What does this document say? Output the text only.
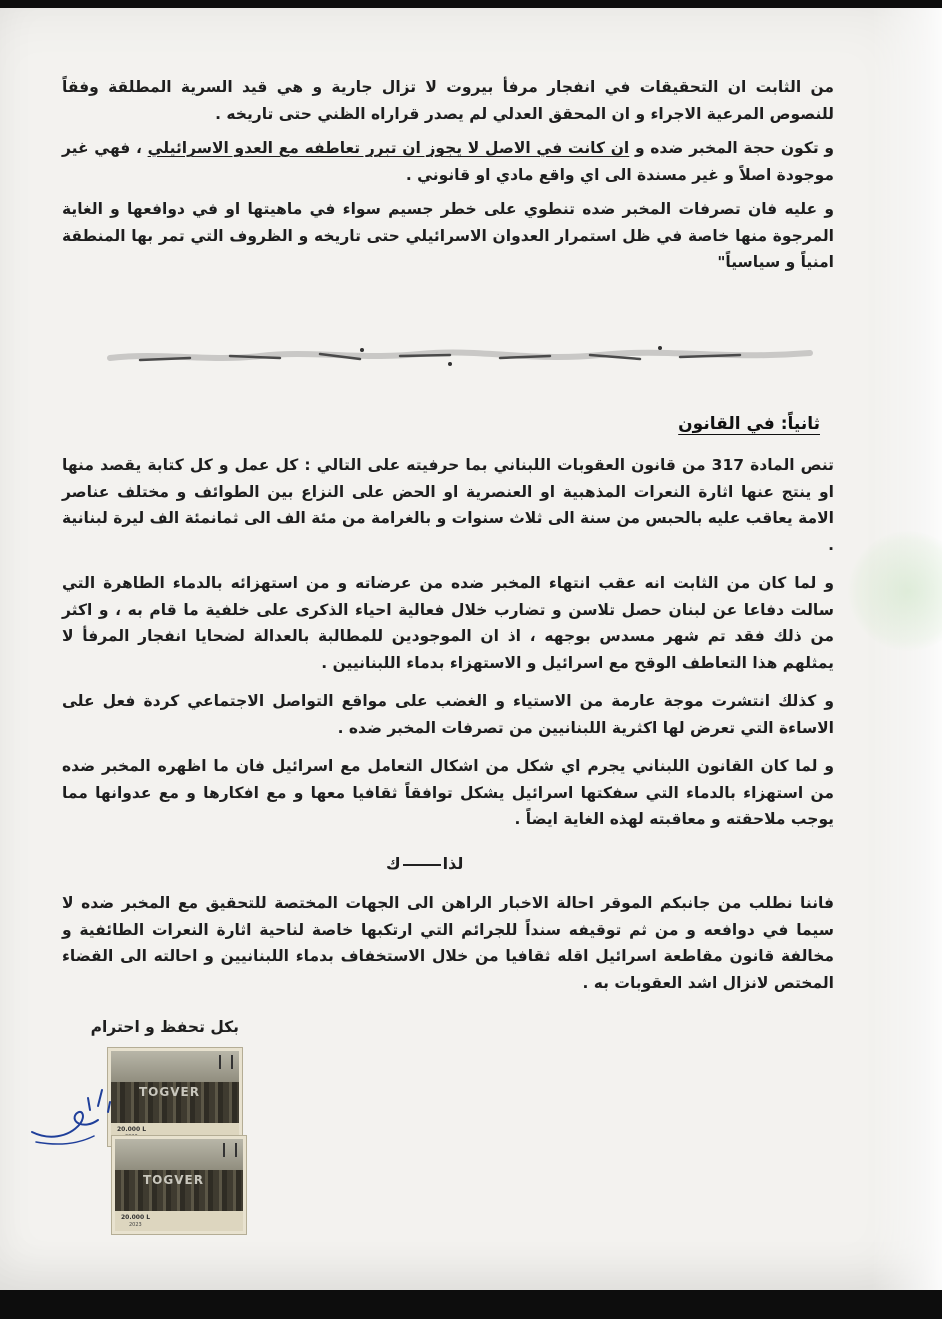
من الثابت ان التحقيقات في انفجار مرفأ بيروت لا تزال جارية و هي قيد السرية المطلقة وفقاً للنصوص المرعية الاجراء و ان المحقق العدلي لم يصدر قراراه الظني حتى تاريخه .

و تكون حجة المخبر ضده و ان كانت في الاصل لا يجوز ان تبرر تعاطفه مع العدو الاسرائيلي ، فهي غير موجودة اصلاً و غير مسندة الى اي واقع مادي او قانوني .

و عليه فان تصرفات المخبر ضده تنطوي على خطر جسيم سواء في ماهيتها او في دوافعها و الغاية المرجوة منها خاصة في ظل استمرار العدوان الاسرائيلي حتى تاريخه و الظروف التي تمر بها المنطقة امنياً و سياسياً"

ثانياً: في القانون

تنص المادة 317 من قانون العقوبات اللبناني بما حرفيته على التالي : كل عمل و كل كتابة يقصد منها او ينتج عنها اثارة النعرات المذهبية او العنصرية او الحض على النزاع بين الطوائف و مختلف عناصر الامة يعاقب عليه بالحبس من سنة الى ثلاث سنوات و بالغرامة من مئة الف الى ثمانمئة الف ليرة لبنانية .

و لما كان من الثابت انه عقب انتهاء المخبر ضده من عرضاته و من استهزائه بالدماء الطاهرة التي سالت دفاعا عن لبنان حصل تلاسن و تضارب خلال فعالية احياء الذكرى على خلفية ما قام به ، و اكثر من ذلك فقد تم شهر مسدس بوجهه ، اذ ان الموجودين للمطالبة بالعدالة لضحايا انفجار المرفأ لا يمثلهم هذا التعاطف الوقح مع اسرائيل و الاستهزاء بدماء اللبنانيين .

و كذلك انتشرت موجة عارمة من الاستياء و الغضب على مواقع التواصل الاجتماعي كردة فعل على الاساءة التي تعرض لها اكثرية اللبنانيين من تصرفات المخبر ضده .

و لما كان القانون اللبناني يجرم اي شكل من اشكال التعامل مع اسرائيل فان ما اظهره المخبر ضده من استهزاء بالدماء التي سفكتها اسرائيل يشكل توافقاً ثقافيا معها و مع افكارها و مع عدوانها مما يوجب ملاحقته و معاقبته لهذه الغاية ايضاً .

لذاك

فاننا نطلب من جانبكم الموقر احالة الاخبار الراهن الى الجهات المختصة للتحقيق مع المخبر ضده لا سيما في دوافعه و من ثم توقيفه سنداً للجرائم التي ارتكبها خاصة لناحية اثارة النعرات الطائفية و مخالفة قانون مقاطعة اسرائيل اقله ثقافيا من خلال الاستخفاف بدماء اللبنانيين و احالته الى القضاء المختص لانزال اشد العقوبات به .

بكل تحفظ و احترام
TOGVER
20.000 L
TOGVER
20.000 L
2023
